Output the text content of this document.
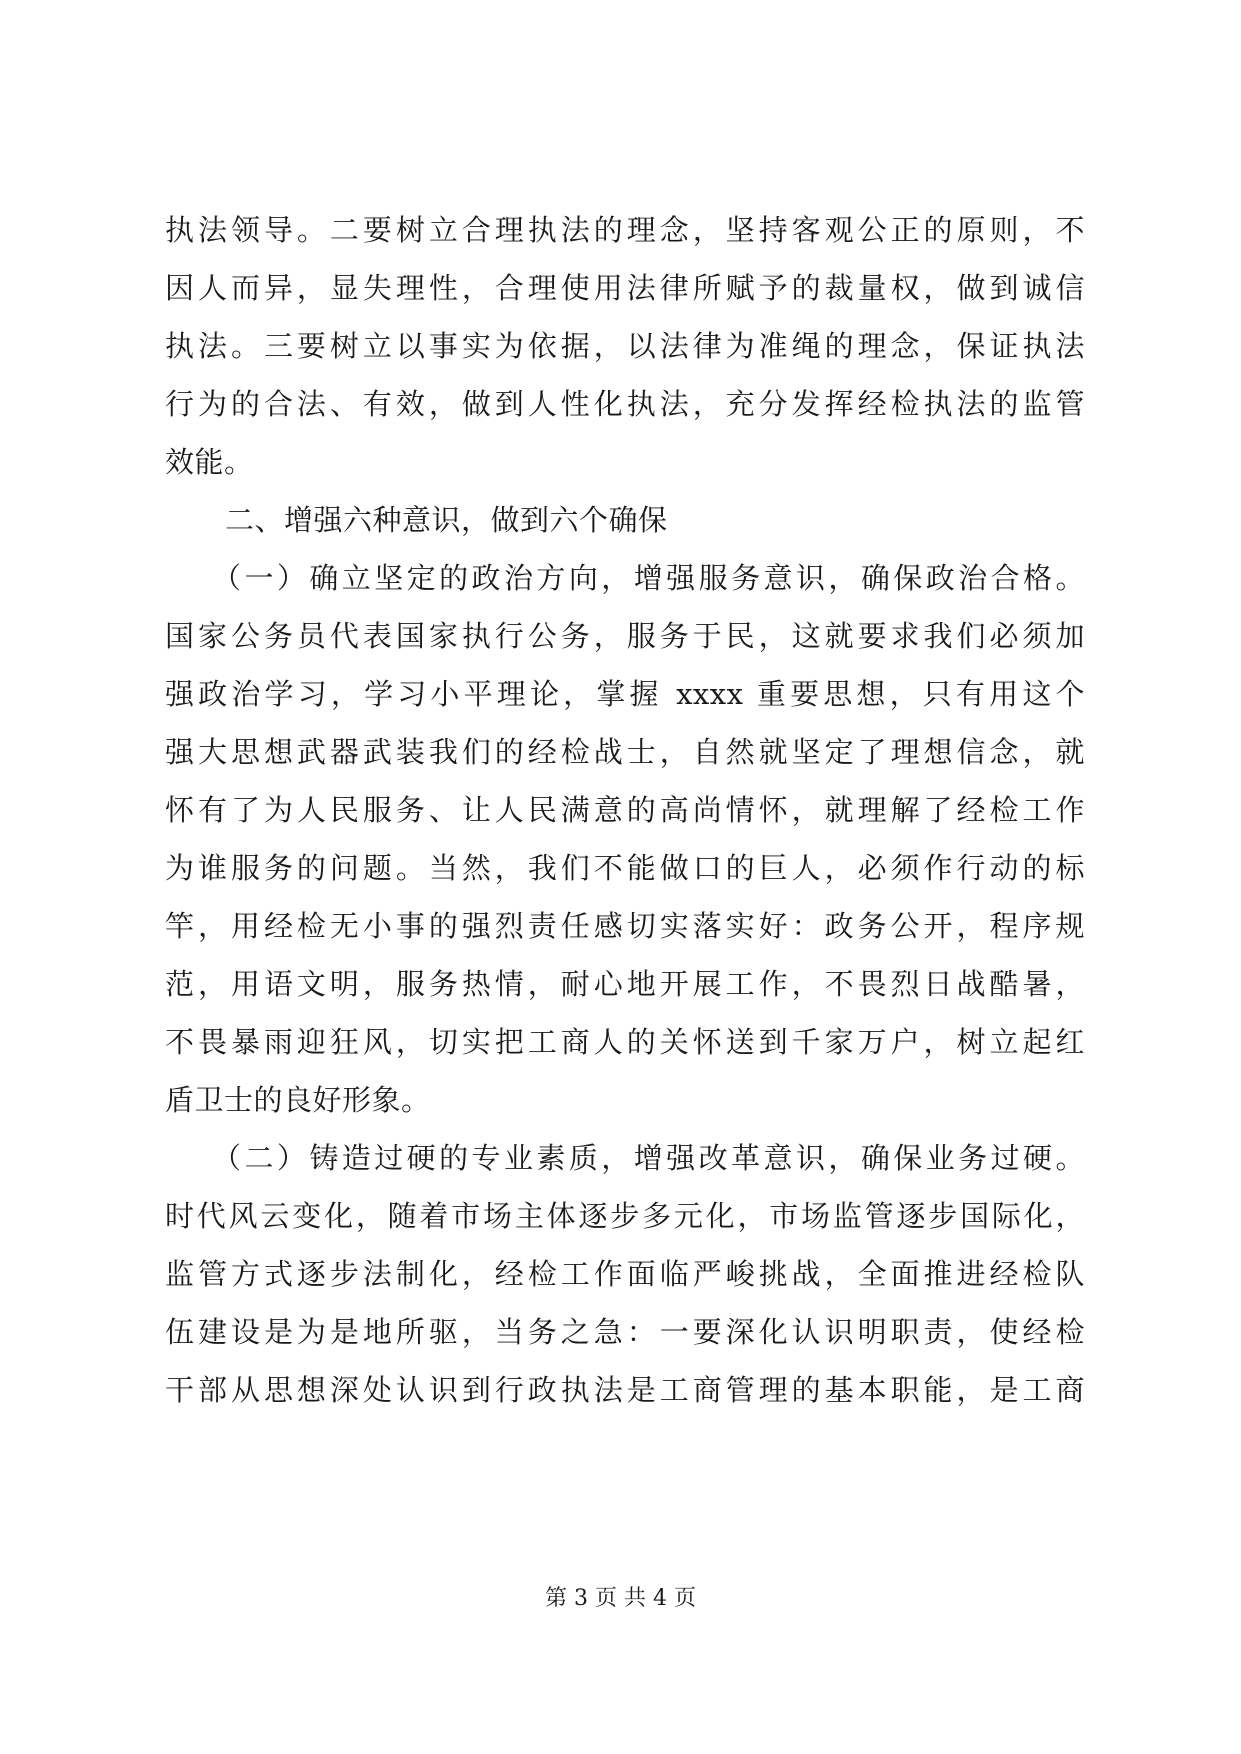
执法领导。二要树立合理执法的理念，坚持客观公正的原则，不
因人而异，显失理性，合理使用法律所赋予的裁量权，做到诚信
执法。三要树立以事实为依据，以法律为准绳的理念，保证执法
行为的合法、有效，做到人性化执法，充分发挥经检执法的监管
效能。
二、增强六种意识，做到六个确保
（一）确立坚定的政治方向，增强服务意识，确保政治合格。
国家公务员代表国家执行公务，服务于民，这就要求我们必须加
强政治学习，学习小平理论，掌握 xxxx 重要思想，只有用这个
强大思想武器武装我们的经检战士，自然就坚定了理想信念，就
怀有了为人民服务、让人民满意的高尚情怀，就理解了经检工作
为谁服务的问题。当然，我们不能做口的巨人，必须作行动的标
竿，用经检无小事的强烈责任感切实落实好：政务公开，程序规
范，用语文明，服务热情，耐心地开展工作，不畏烈日战酷暑，
不畏暴雨迎狂风，切实把工商人的关怀送到千家万户，树立起红
盾卫士的良好形象。
（二）铸造过硬的专业素质，增强改革意识，确保业务过硬。
时代风云变化，随着市场主体逐步多元化，市场监管逐步国际化，
监管方式逐步法制化，经检工作面临严峻挑战，全面推进经检队
伍建设是为是地所驱，当务之急：一要深化认识明职责，使经检
干部从思想深处认识到行政执法是工商管理的基本职能，是工商
第 3 页 共 4 页
